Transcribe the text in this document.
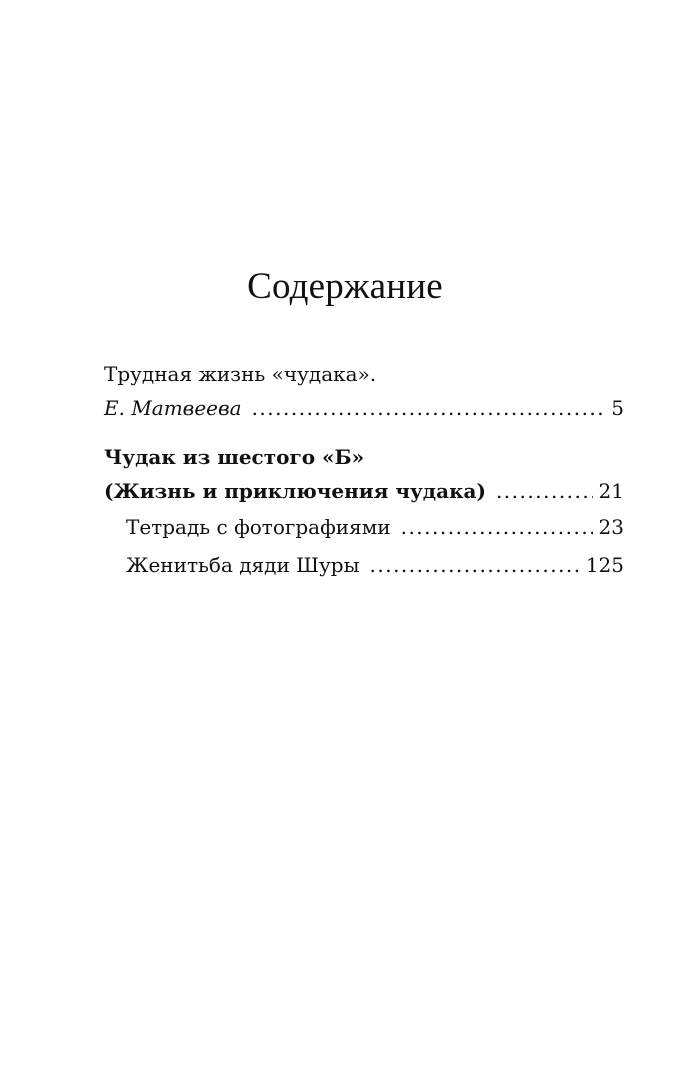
Содержание
Трудная жизнь «чудака».
Е. Матвеева .....	5
Чудак из шестого «Б»
(Жизнь и приключения чудака) .....	21
Тетрадь с фотографиями .....	23
Женитьба дяди Шуры .....	125
